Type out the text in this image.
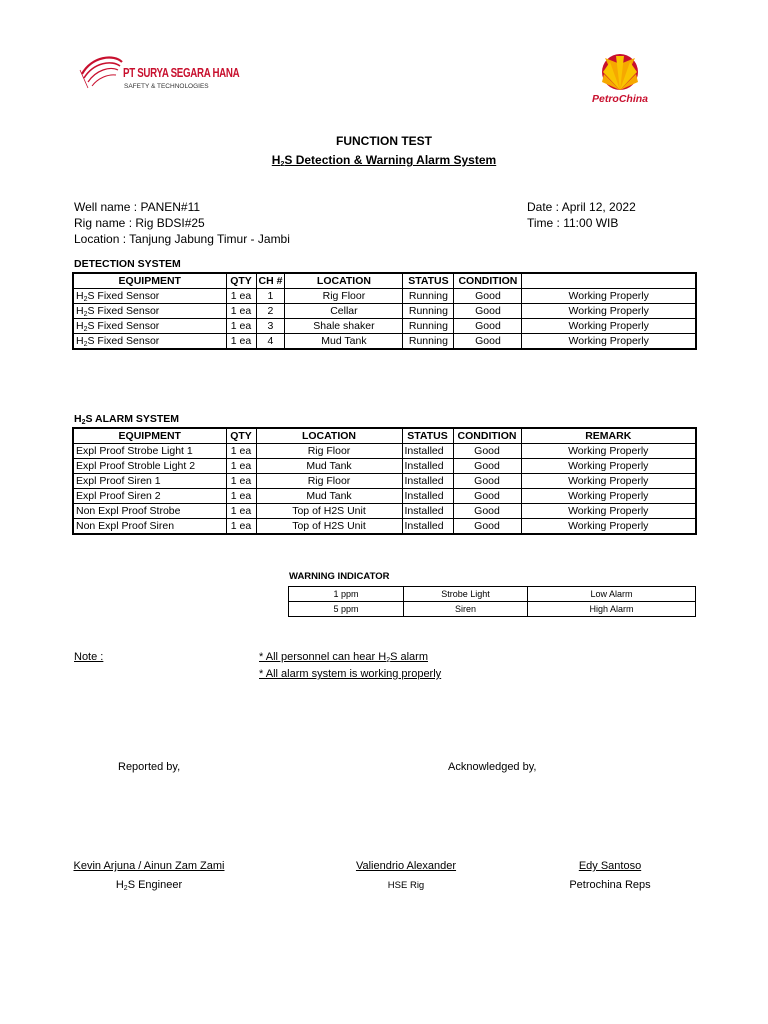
PT SURYA SEGARA HANA
SAFETY & TECHNOLOGIES
PetroChina
FUNCTION TEST
$H_2S$ Detection & Warning Alarm System
Well name : PANEN#11
Rig name : Rig BDSI#25
Location : Tanjung Jabung Timur - Jambi
Date : April 12, 2022
Time : 11:00 WIB
DETECTION SYSTEM
EQUIPMENT	QTY	CH #	LOCATION	STATUS	CONDITION	
$H_2S$ Fixed Sensor	1 ea	1	Rig Floor	Running	Good	Working Properly
$H_2S$ Fixed Sensor	1 ea	2	Cellar	Running	Good	Working Properly
$H_2S$ Fixed Sensor	1 ea	3	Shale shaker	Running	Good	Working Properly
$H_2S$ Fixed Sensor	1 ea	4	Mud Tank	Running	Good	Working Properly
$H_2S$ ALARM SYSTEM
EQUIPMENT	QTY	LOCATION	STATUS	CONDITION	REMARK
Expl Proof Strobe Light 1	1 ea	Rig Floor	Installed	Good	Working Properly
Expl Proof Stroble Light 2	1 ea	Mud Tank	Installed	Good	Working Properly
Expl Proof Siren 1	1 ea	Rig Floor	Installed	Good	Working Properly
Expl Proof Siren 2	1 ea	Mud Tank	Installed	Good	Working Properly
Non Expl Proof Strobe	1 ea	Top of H2S Unit	Installed	Good	Working Properly
Non Expl Proof Siren	1 ea	Top of H2S Unit	Installed	Good	Working Properly
WARNING INDICATOR
1 ppm	Strobe Light	Low Alarm
5 ppm	Siren	High Alarm
Note :	* All personnel can hear $H_2S$ alarm
* All alarm system is working properly
Reported by,	Acknowledged by,
Kevin Arjuna / Ainun Zam Zami
$H_2S$ Engineer
Valiendrio Alexander
HSE Rig
Edy Santoso
Petrochina Reps
